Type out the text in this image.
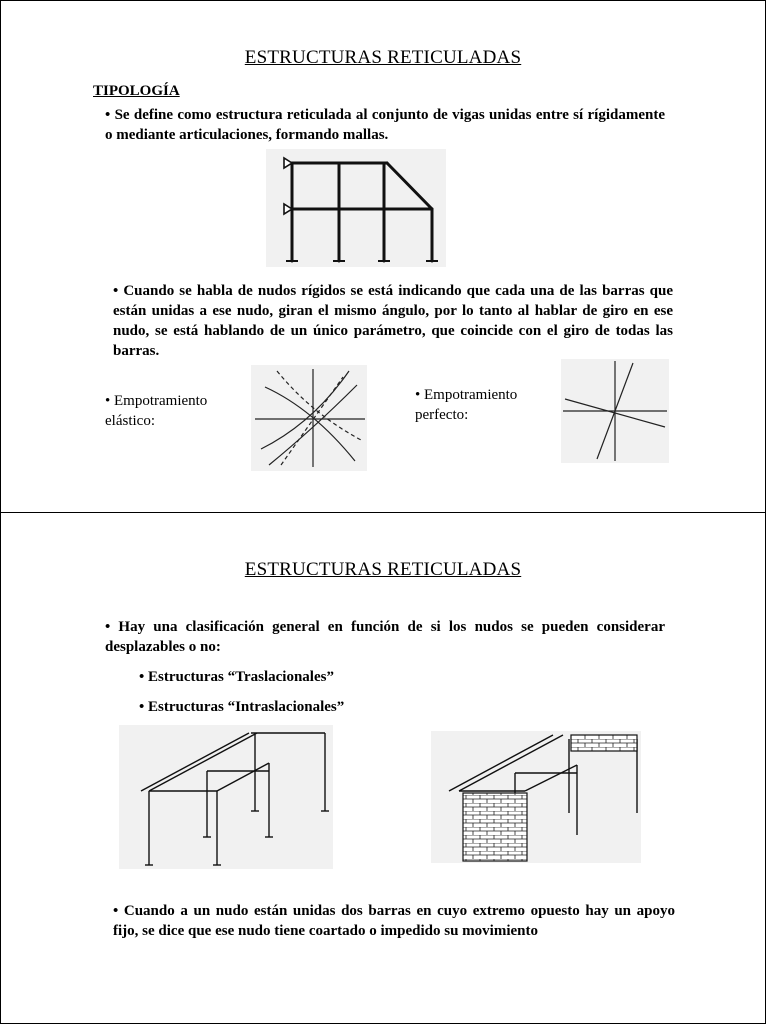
ESTRUCTURAS RETICULADAS
TIPOLOGÍA
• Se define como estructura reticulada al conjunto de vigas unidas entre sí rígidamente o mediante articulaciones, formando mallas.
• Cuando se habla de nudos rígidos se está indicando que cada una de las barras que están unidas a ese nudo, giran el mismo ángulo, por lo tanto al hablar de giro en ese nudo, se está hablando de un único parámetro, que coincide con el giro de todas las barras.
• Empotramiento
elástico:
• Empotramiento
perfecto:
ESTRUCTURAS RETICULADAS
• Hay una clasificación general en función de si los nudos se pueden considerar desplazables o no:
• Estructuras “Traslacionales”
• Estructuras “Intraslacionales”
• Cuando a un nudo están unidas dos barras en cuyo extremo opuesto hay un apoyo fijo, se dice que ese nudo tiene coartado o impedido su movimiento
